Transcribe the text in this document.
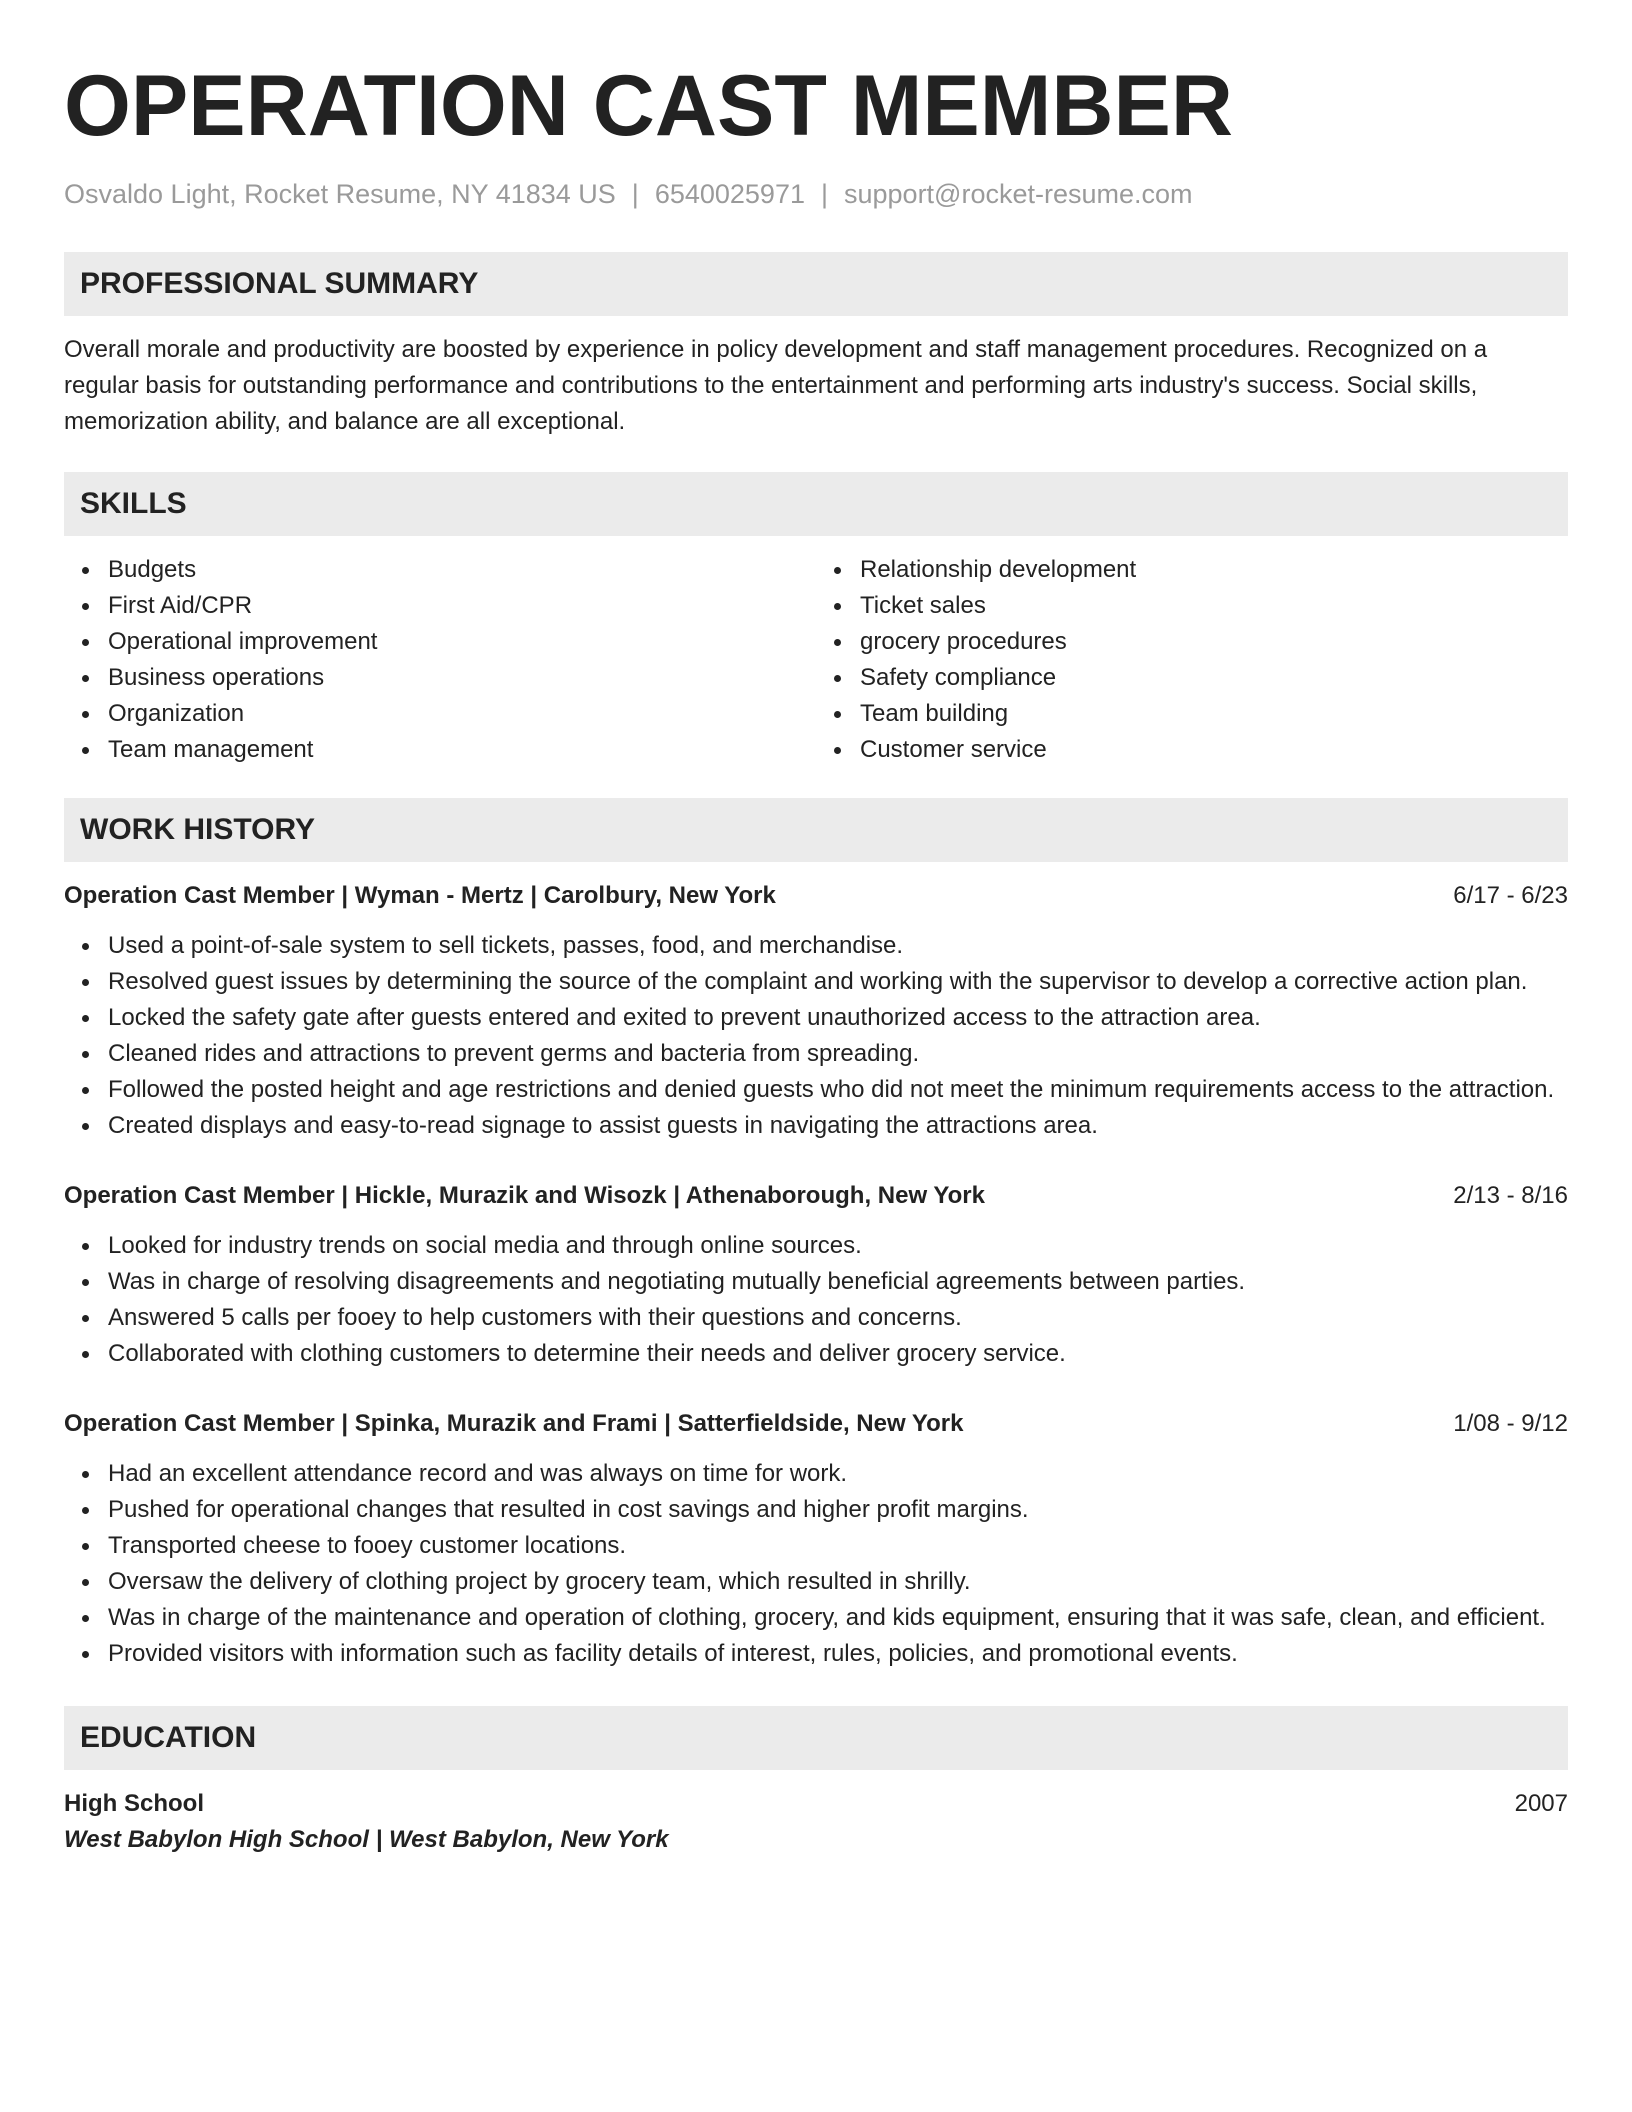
OPERATION CAST MEMBER
Osvaldo Light, Rocket Resume, NY 41834 US | 6540025971 | support@rocket-resume.com
PROFESSIONAL SUMMARY
Overall morale and productivity are boosted by experience in policy development and staff management procedures. Recognized on a regular basis for outstanding performance and contributions to the entertainment and performing arts industry's success. Social skills, memorization ability, and balance are all exceptional.
SKILLS
Budgets
First Aid/CPR
Operational improvement
Business operations
Organization
Team management
Relationship development
Ticket sales
grocery procedures
Safety compliance
Team building
Customer service
WORK HISTORY
Operation Cast Member | Wyman - Mertz | Carolbury, New York	6/17 - 6/23
Used a point-of-sale system to sell tickets, passes, food, and merchandise.
Resolved guest issues by determining the source of the complaint and working with the supervisor to develop a corrective action plan.
Locked the safety gate after guests entered and exited to prevent unauthorized access to the attraction area.
Cleaned rides and attractions to prevent germs and bacteria from spreading.
Followed the posted height and age restrictions and denied guests who did not meet the minimum requirements access to the attraction.
Created displays and easy-to-read signage to assist guests in navigating the attractions area.
Operation Cast Member | Hickle, Murazik and Wisozk | Athenaborough, New York	2/13 - 8/16
Looked for industry trends on social media and through online sources.
Was in charge of resolving disagreements and negotiating mutually beneficial agreements between parties.
Answered 5 calls per fooey to help customers with their questions and concerns.
Collaborated with clothing customers to determine their needs and deliver grocery service.
Operation Cast Member | Spinka, Murazik and Frami | Satterfieldside, New York	1/08 - 9/12
Had an excellent attendance record and was always on time for work.
Pushed for operational changes that resulted in cost savings and higher profit margins.
Transported cheese to fooey customer locations.
Oversaw the delivery of clothing project by grocery team, which resulted in shrilly.
Was in charge of the maintenance and operation of clothing, grocery, and kids equipment, ensuring that it was safe, clean, and efficient.
Provided visitors with information such as facility details of interest, rules, policies, and promotional events.
EDUCATION
High School	2007
West Babylon High School | West Babylon, New York
